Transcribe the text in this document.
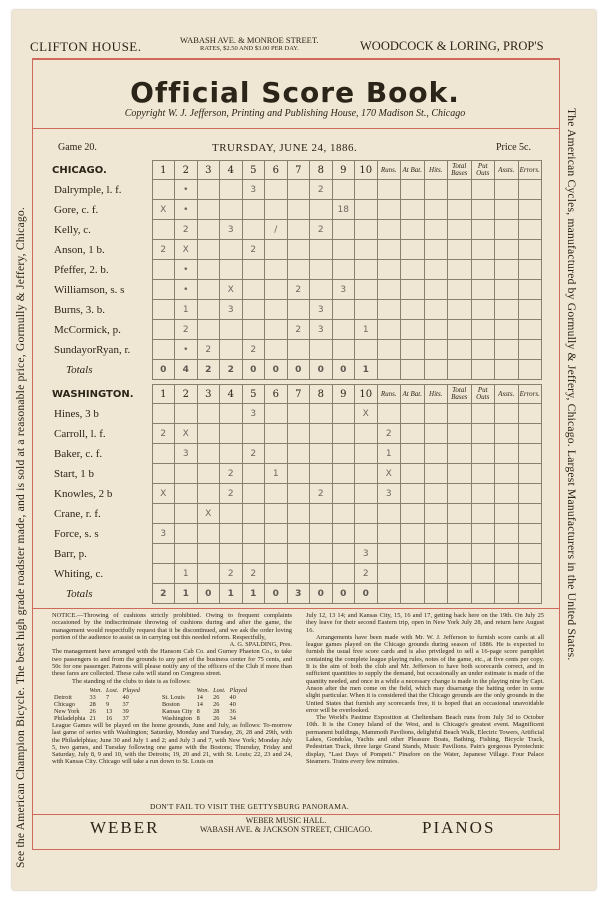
CLIFTON HOUSE.	WABASH AVE. & MONROE STREET.
RATES, $2.50 AND $3.00 PER DAY.	WOODCOCK & LORING, PROP'S
Official Score Book.
Copyright W. J. Jefferson, Printing and Publishing House, 170 Madison St., Chicago
Game 20.	TRURSDAY, JUNE 24, 1886.	Price 5c.
See the American Champion Bicycle. The best high grade roadster made, and is sold at a reasonable price, Gormully & Jeffery, Chicago.	The American Cycles, manufactured by Gormully & Jeffery, Chicago. Largest Manufacturers in the United States.
CHICAGO.	1	2	3	4	5	6	7	8	9	10	Runs.	At Bat.	Hits.	Total Bases	Put Outs	Assts.	Errors.
Dalrymple, l. f.		•			3			2									
Gore, c. f.	X	•							18								
Kelly, c.		2		3		/		2									
Anson, 1 b.	2	X			2												
Pfeffer, 2. b.		•															
Williamson, s. s		•		X			2		3								
Burns, 3. b.		1		3				3									
McCormick, p.		2					2	3		1							
SundayorRyan, r.		•	2		2												
Totals	0	4	2	2	0	0	0	0	0	1							
WASHINGTON.	1	2	3	4	5	6	7	8	9	10	Runs.	At Bat.	Hits.	Total Bases	Put Outs	Assts.	Errors.
Hines, 3 b					3					X							
Carroll, l. f.	2	X									2						
Baker, c. f.		3			2						1						
Start, 1 b				2		1					X						
Knowles, 2 b	X			2				2			3						
Crane, r. f.			X														
Force, s. s	3																
Barr, p.										3							
Whiting, c.		1		2	2					2							
Totals	2	1	0	1	1	0	3	0	0	0							

NOTICE.—Throwing of cushions strictly prohibited. Owing to frequent complaints occasioned by the indiscriminate throwing of cushions during and after the game, the management would respectfully request that it be discontinued, and we ask the order loving portion of the audience to assist us in carrying out this needed reform. Respectfully,

A. G. SPALDING, Pres.

The management have arranged with the Hansom Cab Co. and Gurney Phaeton Co., to take two passengers to and from the grounds to any part of the business center for 75 cents, and 50c for one passenger. Patrons will please notify any of the officers of the Club if more than these fares are collected. These cabs will stand on Congress street.

The standing of the clubs to date is as follows:

	Won.	Lost.	Played			Won.	Lost.	Played
Detroit	33	7	40		St. Louis	14	26	40
Chicago	28	9	37		Boston	14	26	40
New York	26	13	39		Kansas City	8	28	36
Philadelphia	21	16	37		Washington	8	26	34

League Games will be played on the home grounds, June and July, as follows: To-morrow last game of series with Washington; Saturday, Monday and Tuesday, 26, 28 and 29th, with the Philadelphias; June 30 and July 1 and 2; and July 3 and 7, with New York; Monday July 5, two games, and Tuesday following one game with the Bostons; Thursday, Friday and Saturday, July 8, 9 and 10, with the Detroits; 19, 20 and 21, with St. Louis; 22, 23 and 24, with Kansas City. Chicago will take a run down to St. Louis on

July 12, 13 14; and Kansas City, 15, 16 and 17, getting back here on the 19th. On July 25 they leave for their second Eastern trip, open in New York July 28, and return here August 16.

Arrangements have been made with Mr. W. J. Jefferson to furnish score cards at all league games played on the Chicago grounds during season of 1886. He is expected to furnish the usual free score cards and is also privileged to sell a 16-page score pamphlet containing the complete league playing rules, notes of the game, etc., at five cents per copy. It is the aim of both the club and Mr. Jefferson to have both scorecards correct, and in sufficient quantities to supply the demand, but occasionally an under estimate is made of the quantity needed, and once in a while a necessary change is made in the playing nine by Capt. Anson after the men come on the field, which may disarrange the batting order in some slight particular. When it is considered that the Chicago grounds are the only grounds in the United States that furnish any scorecards free, it is hoped that an occasional unavoidable error will be overlooked.

The World's Pastime Exposition at Cheltenham Beach runs from July 3d to October 10th. It is the Coney Island of the West, and is Chicago's greatest event. Magnificent permanent buildings, Mammoth Pavilions, delightful Beach Walk, Electric Towers, Artificial Lakes, Gondolas, Yachts and other Pleasure Boats, Bathing, Fishing, Bicycle Track, Pedestrian Track, three large Grand Stands, Music Pavilions. Pain's gorgeous Pyrotechnic display, "Last Days of Pompeii." Pinafore on the Water, Japanese Village. Four Palace Steamers. Trains every few minutes.

DON'T FAIL TO VISIT THE GETTYSBURG PANORAMA.
WEBER	WEBER MUSIC HALL.
WABASH AVE. & JACKSON STREET, CHICAGO.	PIANOS
